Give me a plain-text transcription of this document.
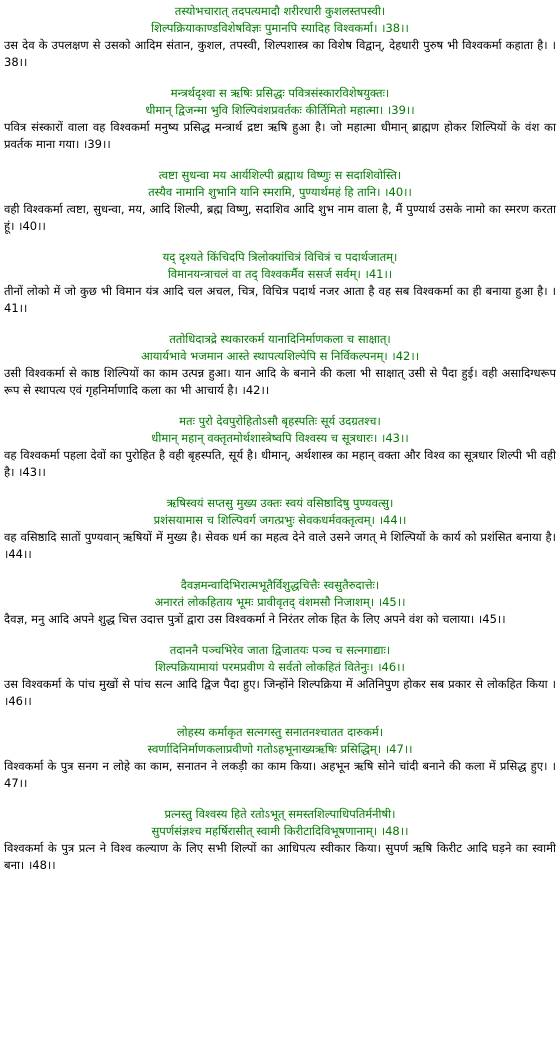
तस्योभचारात् तदपत्यमादौ शरीरधारी कुशलस्तपस्वी।
शिल्पक्रियाकाण्डविशेषविज्ञः पुमानपि स्यादिह विश्वकर्मा। ।38।।
उस देव के उपलक्षण से उसको आदिम संतान, कुशल, तपस्वी, शिल्पशास्त्र का विशेष विद्वान्, देहधारी पुरुष भी विश्वकर्मा कहाता है। ।38।।
मन्त्रर्थदृश्वा स ऋषिः प्रसिद्धः पवित्रसंस्कारविशेषयुक्तः।
धीमान् द्विजन्मा भुवि शिल्पिवंशप्रवर्तकः कीर्तिमितो महात्मा। ।39।।
पवित्र संस्कारों वाला वह विश्वकर्मा मनुष्य प्रसिद्ध मन्त्रार्थ द्रष्टा ऋषि हुआ है। जो महात्मा धीमान् ब्राह्मण होकर शिल्पियों के वंश का प्रवर्तक माना गया। ।39।।
त्वष्टा सुधन्वा मय आर्यशिल्पी ब्रह्माथ विष्णुः स सदाशिवोस्ति।
तस्यैव नामानि शुभानि यानि स्मरामि, पुण्यार्थमहं हि तानि। ।40।।
वही विश्वकर्मा त्वष्टा, सुधन्वा, मय, आदि शिल्पी, ब्रह्म विष्णु, सदाशिव आदि शुभ नाम वाला है, मैं पुण्यार्थ उसके नामो का स्मरण करता हूं। ।40।।
यद् दृश्यते किंचिदपि त्रिलोक्यांचित्रं विचित्रं च पदार्थजातम्।
विमानयन्त्राचलं वा तद् विश्वकर्मैव ससर्ज सर्वम्। ।41।।
तीनों लोको में जो कुछ भी विमान यंत्र आदि चल अचल, चित्र, विचित्र पदार्थ नजर आता है वह सब विश्वकर्मा का ही बनाया हुआ है। ।41।।
ततोधिदात्रद्रे स्थकारकर्म यानादिनिर्माणकला च साक्षात्।
आयार्यभावे भजमान आस्ते स्थापत्यशिल्पेपि स निर्विकल्पनम्। ।42।।
उसी विश्वकर्मा से काष्ठ शिल्पियों का काम उत्पन्न हुआ। यान आदि के बनाने की कला भी साक्षात् उसी से पैदा हुई। वही असादिग्धरूप रूप से स्थापत्य एवं गृहनिर्माणादि कला का भी आचार्य है। ।42।।
मतः पुरो देवपुरोहितोऽसौ बृहस्पतिः सूर्य उदग्रतश्च।
धीमान् महान् वक्तृतमोर्थशास्त्रेष्वपि विश्वस्य च सूत्रधारः। ।43।।
वह विश्वकर्मा पहला देवों का पुरोहित है वही बृहस्पति, सूर्य है। धीमान्, अर्थशास्त्र का महान् वक्ता और विश्व का सूत्रधार शिल्पी भी वही है। ।43।।
ऋषिस्वयं सप्तसु मुख्य उक्तः स्वयं वसिष्ठादिषु पुण्यवत्सु।
प्रशंसयामास च शिल्पिवर्ग जगत्प्रभुः सेवकधर्मवक्तृत्वम्। ।44।।
वह वसिष्ठादि सातों पुण्यवान् ऋषियों में मुख्य है। सेवक धर्म का महत्व देने वाले उसने जगत् मे शिल्पियों के कार्य को प्रशंसित बनाया है। ।44।।
दैवज्ञमन्वादिभिरात्मभूतैर्विशुद्धचित्तैः स्वसुतैरुदात्तेः।
अनारतं लोकहिताय भूमः प्रावीवृतद् वंशमसौ निजाशम्। ।45।।
दैवज्ञ, मनु आदि अपने शुद्ध चित्त उदात्त पुत्रों द्वारा उस विश्वकर्मा ने निरंतर लोक हित के लिए अपने वंश को चलाया। ।45।।
तदाननै पञ्चभिरेव जाता द्विजातयः पञ्च च सत्नगाद्याः।
शिल्पक्रियामायां परमप्रवीण ये सर्वतो लोकहितं वितेनुः। ।46।।
उस विश्वकर्मा के पांच मुखों से पांच सत्न आदि द्विज पैदा हुए। जिन्होंने शिल्पक्रिया में अतिनिपुण होकर सब प्रकार से लोकहित किया । ।46।।
लोहस्य कर्माकृत सत्नगस्तु सनातनश्चातत दारुकर्म।
स्वर्णादिनिर्माणकलाप्रवीणो गतोऽहभूनाख्यऋषिः प्रसिद्धिम्। ।47।।
विश्वकर्मा के पुत्र सनग न लोहे का काम, सनातन ने लकड़ी का काम किया। अहभून ऋषि सोने चांदी बनाने की कला में प्रसिद्ध हुए। ।47।।
प्रत्नस्तु विश्वस्य हिते रतोऽभूत् समस्तशिल्पाधिपतिर्मनीषी।
सुपर्णसंज्ञश्च महर्षिरासीत् स्वामी किरीटादिविभूषणानाम्। ।48।।
विश्वकर्मा के पुत्र प्रत्न ने विश्व कल्याण के लिए सभी शिल्पों का आधिपत्य स्वीकार किया। सुपर्ण ऋषि किरीट आदि घड़ने का स्वामी बना। ।48।।
